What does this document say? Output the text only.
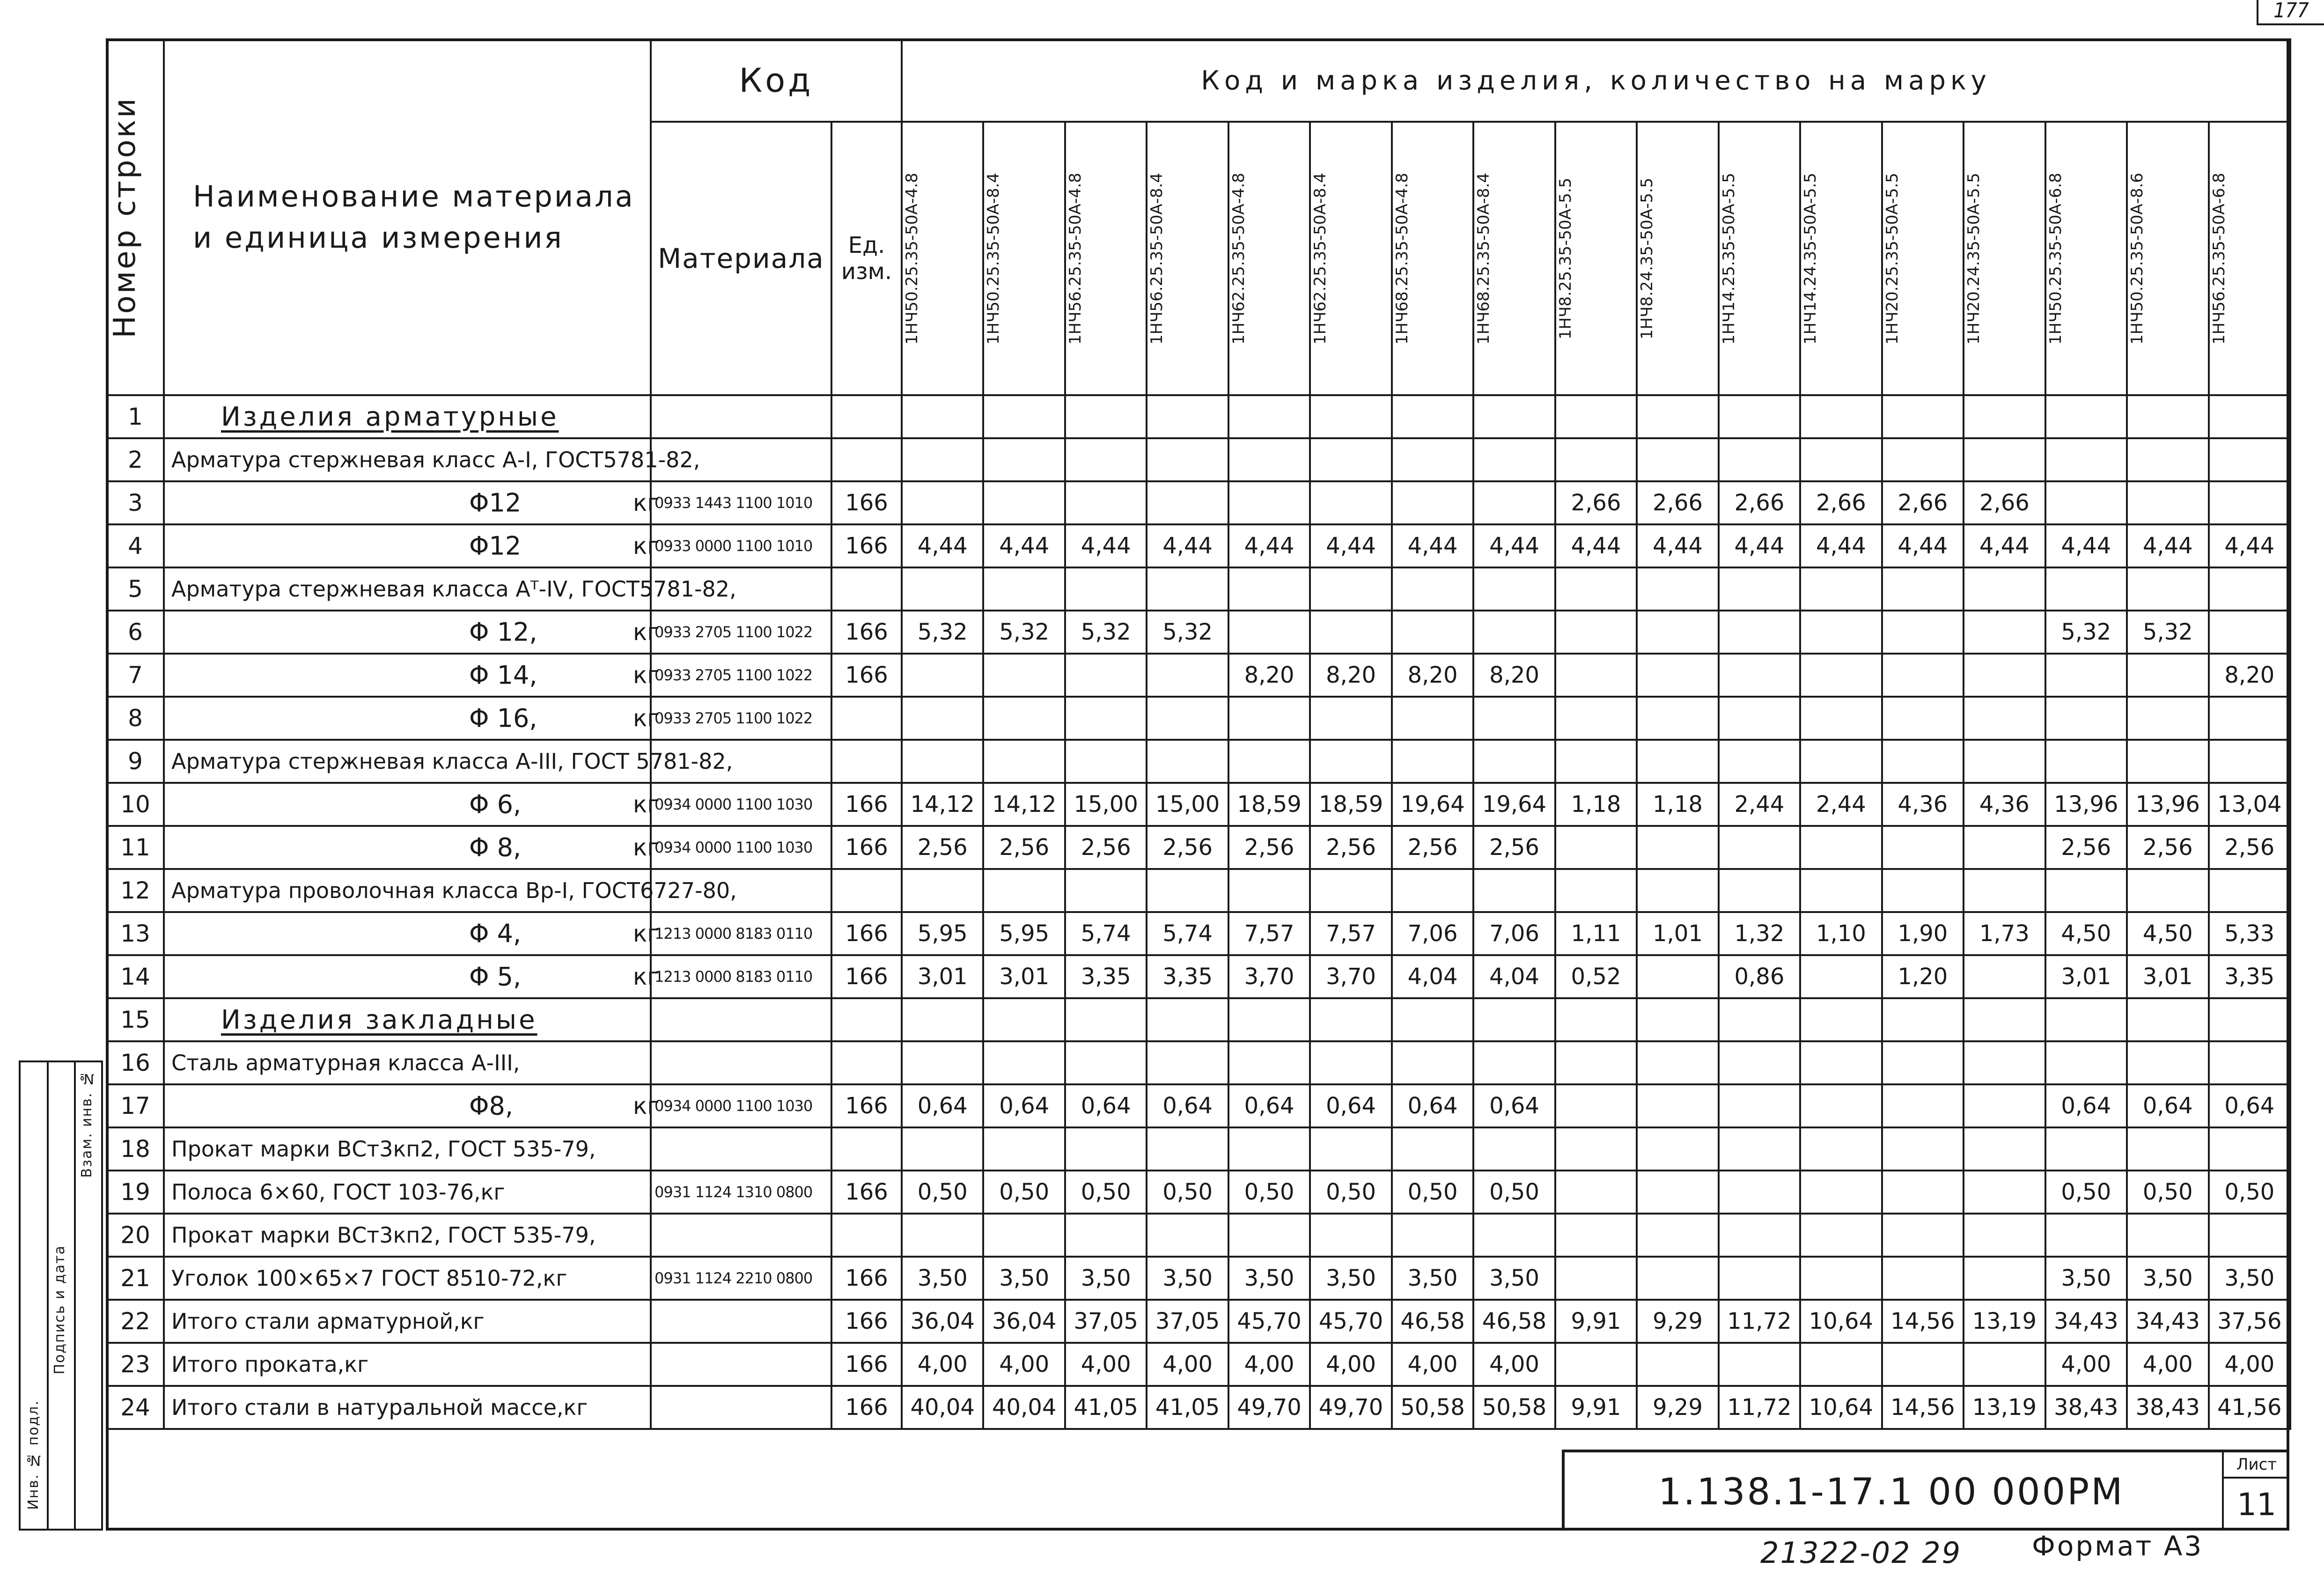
177
Номер строки	Наименование материала
и единица измерения	Код		Код и марка изделия, количество на марку																
		Материала	Ед. изм.	1НЧ50.25.35-50А-4.8	1НЧ50.25.35-50А-8.4	1НЧ56.25.35-50А-4.8	1НЧ56.25.35-50А-8.4	1НЧ62.25.35-50А-4.8	1НЧ62.25.35-50А-8.4	1НЧ68.25.35-50А-4.8	1НЧ68.25.35-50А-8.4	1НЧ8.25.35-50А-5.5	1НЧ8.24.35-50А-5.5	1НЧ14.25.35-50А-5.5	1НЧ14.24.35-50А-5.5	1НЧ20.25.35-50А-5.5	1НЧ20.24.35-50А-5.5	1НЧ50.25.35-50А-6.8	1НЧ50.25.35-50А-8.6	1НЧ56.25.35-50А-6.8

1	Изделия арматурные																			
2	Арматура стержневая класс А-I, ГОСТ5781-82,																			
3	Φ12 кг	0933 1443 1100 1010	166									2,66	2,66	2,66	2,66	2,66	2,66			
4	Φ12 кг	0933 0000 1100 1010	166	4,44	4,44	4,44	4,44	4,44	4,44	4,44	4,44	4,44	4,44	4,44	4,44	4,44	4,44	4,44	4,44	4,44
5	Арматура стержневая класса Аᵀ-IV, ГОСТ5781-82,																			
6	Φ 12, кг	0933 2705 1100 1022	166	5,32	5,32	5,32	5,32											5,32	5,32	
7	Φ 14, кг	0933 2705 1100 1022	166					8,20	8,20	8,20	8,20									8,20
8	Φ 16, кг	0933 2705 1100 1022																		
9	Арматура стержневая класса А-III, ГОСТ 5781-82,																			
10	Φ 6, кг	0934 0000 1100 1030	166	14,12	14,12	15,00	15,00	18,59	18,59	19,64	19,64	1,18	1,18	2,44	2,44	4,36	4,36	13,96	13,96	13,04
11	Φ 8, кг	0934 0000 1100 1030	166	2,56	2,56	2,56	2,56	2,56	2,56	2,56	2,56							2,56	2,56	2,56
12	Арматура проволочная класса Вр-I, ГОСТ6727-80,																			
13	Φ 4, кг	1213 0000 8183 0110	166	5,95	5,95	5,74	5,74	7,57	7,57	7,06	7,06	1,11	1,01	1,32	1,10	1,90	1,73	4,50	4,50	5,33
14	Φ 5, кг	1213 0000 8183 0110	166	3,01	3,01	3,35	3,35	3,70	3,70	4,04	4,04	0,52		0,86		1,20		3,01	3,01	3,35
15	Изделия закладные																			
16	Сталь арматурная класса А-III,																			
17	Φ8, кг	0934 0000 1100 1030	166	0,64	0,64	0,64	0,64	0,64	0,64	0,64	0,64							0,64	0,64	0,64
18	Прокат марки ВСт3кп2, ГОСТ 535-79,																			
19	Полоса 6×60, ГОСТ 103-76,кг	0931 1124 1310 0800	166	0,50	0,50	0,50	0,50	0,50	0,50	0,50	0,50							0,50	0,50	0,50
20	Прокат марки ВСт3кп2, ГОСТ 535-79,																			
21	Уголок 100×65×7 ГОСТ 8510-72,кг	0931 1124 2210 0800	166	3,50	3,50	3,50	3,50	3,50	3,50	3,50	3,50							3,50	3,50	3,50
22	Итого стали арматурной,кг		166	36,04	36,04	37,05	37,05	45,70	45,70	46,58	46,58	9,91	9,29	11,72	10,64	14,56	13,19	34,43	34,43	37,56
23	Итого проката,кг		166	4,00	4,00	4,00	4,00	4,00	4,00	4,00	4,00							4,00	4,00	4,00
24	Итого стали в натуральной массе,кг		166	40,04	40,04	41,05	41,05	49,70	49,70	50,58	50,58	9,91	9,29	11,72	10,64	14,56	13,19	38,43	38,43	41,56
Инв. № подл.
Подпись и дата
Взам. инв. №
1.138.1-17.1 00 000РМ
Лист
11
21322-02 29	Формат А3
